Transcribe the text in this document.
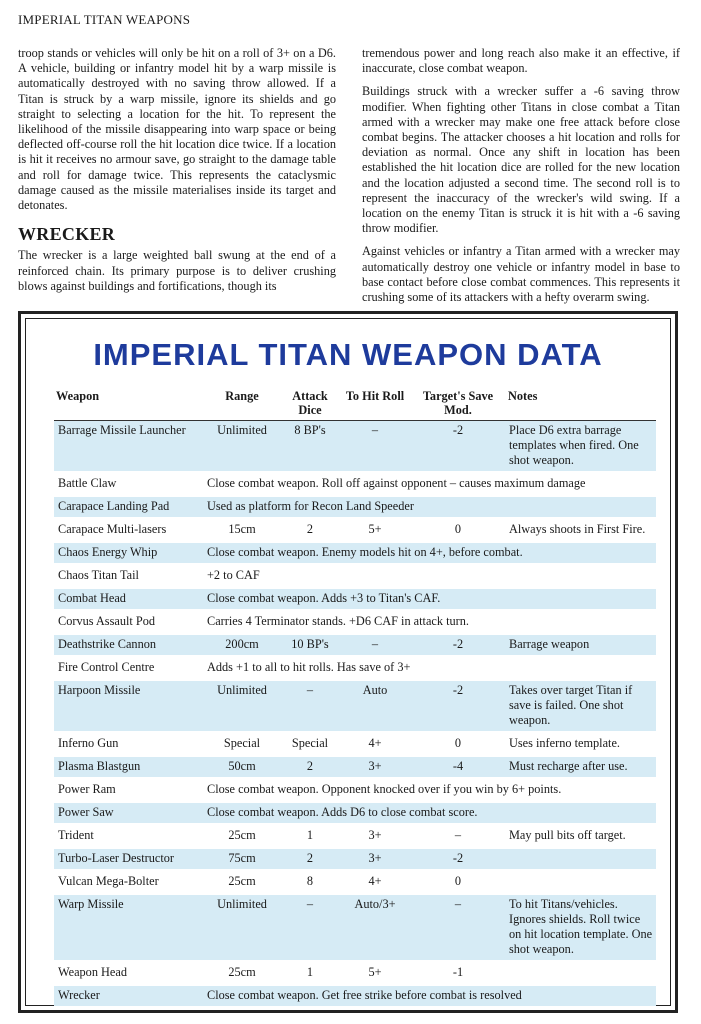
IMPERIAL TITAN WEAPONS

troop stands or vehicles will only be hit on a roll of 3+ on a D6. A vehicle, building or infantry model hit by a warp missile is automatically destroyed with no saving throw allowed. If a Titan is struck by a warp missile, ignore its shields and go straight to selecting a location for the hit. To represent the likelihood of the missile disappearing into warp space or being deflected off-course roll the hit location dice twice. If a location is hit it receives no armour save, go straight to the damage table and roll for damage twice. This represents the cataclysmic damage caused as the missile materialises inside its target and detonates.

WRECKER

The wrecker is a large weighted ball swung at the end of a reinforced chain. Its primary purpose is to deliver crushing blows against buildings and fortifications, though its

tremendous power and long reach also make it an effective, if inaccurate, close combat weapon.

Buildings struck with a wrecker suffer a -6 saving throw modifier. When fighting other Titans in close combat a Titan armed with a wrecker may make one free attack before close combat begins. The attacker chooses a hit location and rolls for deviation as normal. Once any shift in location has been established the hit location dice are rolled for the new location and the location adjusted a second time. The second roll is to represent the inaccuracy of the wrecker's wild swing. If a location on the enemy Titan is struck it is hit with a -6 saving throw modifier.

Against vehicles or infantry a Titan armed with a wrecker may automatically destroy one vehicle or infantry model in base to base contact before close combat commences. This represents it crushing some of its attackers with a hefty overarm swing.

IMPERIAL TITAN WEAPON DATA
Weapon	Range	Attack Dice	To Hit Roll	Target's Save Mod.	Notes
Barrage Missile Launcher	Unlimited	8 BP's	–	-2	Place D6 extra barrage templates when fired. One shot weapon.

Battle Claw	Close combat weapon. Roll off against opponent – causes maximum damage				

Carapace Landing Pad	Used as platform for Recon Land Speeder				

Carapace Multi-lasers	15cm	2	5+	0	Always shoots in First Fire.

Chaos Energy Whip	Close combat weapon. Enemy models hit on 4+, before combat.				

Chaos Titan Tail	+2 to CAF				

Combat Head	Close combat weapon. Adds +3 to Titan's CAF.				

Corvus Assault Pod	Carries 4 Terminator stands. +D6 CAF in attack turn.				

Deathstrike Cannon	200cm	10 BP's	–	-2	Barrage weapon

Fire Control Centre	Adds +1 to all to hit rolls. Has save of 3+				

Harpoon Missile	Unlimited	–	Auto	-2	Takes over target Titan if save is failed. One shot weapon.

Inferno Gun	Special	Special	4+	0	Uses inferno template.

Plasma Blastgun	50cm	2	3+	-4	Must recharge after use.

Power Ram	Close combat weapon. Opponent knocked over if you win by 6+ points.				

Power Saw	Close combat weapon. Adds D6 to close combat score.				

Trident	25cm	1	3+	–	May pull bits off target.

Turbo-Laser Destructor	75cm	2	3+	-2	

Vulcan Mega-Bolter	25cm	8	4+	0	

Warp Missile	Unlimited	–	Auto/3+	–	To hit Titans/vehicles. Ignores shields. Roll twice on hit location template. One shot weapon.

Weapon Head	25cm	1	5+	-1	

Wrecker	Close combat weapon. Get free strike before combat is resolved				
